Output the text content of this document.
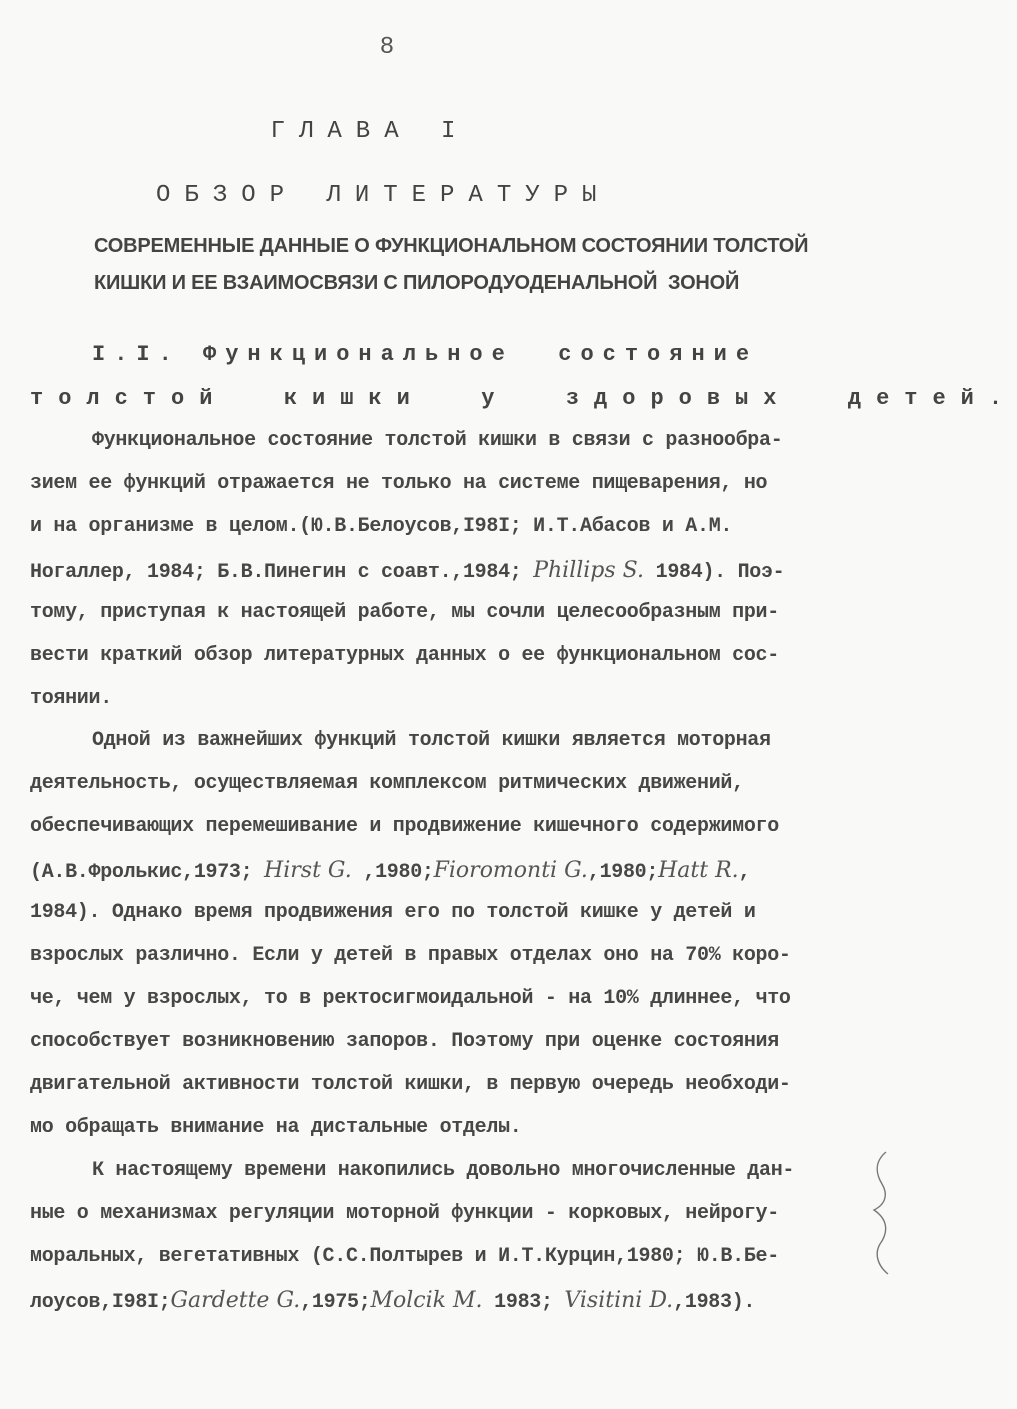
8
ГЛАВА I
ОБЗОР ЛИТЕРАТУРЫ
СОВРЕМЕННЫЕ ДАННЫЕ О ФУНКЦИОНАЛЬНОМ СОСТОЯНИИ ТОЛСТОЙ
КИШКИ И ЕЕ ВЗАИМОСВЯЗИ С ПИЛОРОДУОДЕНАЛЬНОЙ  ЗОНОЙ
I.I. Функциональное  состояние
толстой  кишки  у  здоровых  детей.
Функциональное состояние толстой кишки в связи с разнообра-
зием ее функций отражается не только на системе пищеварения, но
и на организме в целом.(Ю.В.Белоусов,I98I; И.Т.Абасов и А.М.
Ногаллер, 1984; Б.В.Пинегин с соавт.,1984; Phillips S. 1984). Поэ-
тому, приступая к настоящей работе, мы сочли целесообразным при-
вести краткий обзор литературных данных о ее функциональном сос-
тоянии.
Одной из важнейших функций толстой кишки является моторная
деятельность, осуществляемая комплексом ритмических движений,
обеспечивающих перемешивание и продвижение кишечного содержимого
(А.В.Фролькис,1973; Hirst G. ,1980;Fioromonti G.,1980;Hatt R.,
1984). Однако время продвижения его по толстой кишке у детей и
взрослых различно. Если у детей в правых отделах оно на 70% коро-
че, чем у взрослых, то в ректосигмоидальной - на 10% длиннее, что
способствует возникновению запоров. Поэтому при оценке состояния
двигательной активности толстой кишки, в первую очередь необходи-
мо обращать внимание на дистальные отделы.
К настоящему времени накопились довольно многочисленные дан-
ные о механизмах регуляции моторной функции - корковых, нейрогу-
моральных, вегетативных (С.С.Полтырев и И.Т.Курцин,1980; Ю.В.Бе-
лоусов,I98I;Gardette G.,1975;Molcik M. 1983; Visitini D.,1983).
